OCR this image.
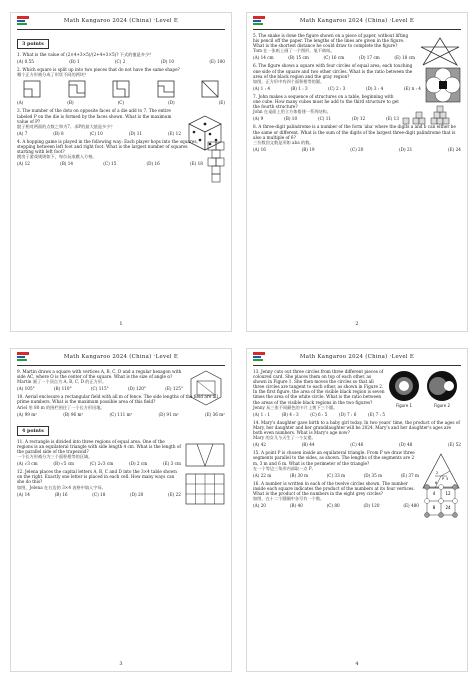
Math Kangaroo 2024 (China) ·Level E
3 points
1. What is the value of (2×4+3×5)/(2+4+3×5)? 下式的值是多少？
(A) 0.55	(B) 1	(C) 2	(D) 10	(E) 100
2. Which square is split up into two pieces that do not have the same shape?
哪个正方形被分成了形状不同的两块？
(A)	(B)	(C)	(D)	(E)
3. The number of the dots on opposite faces of a die add to 7. The entire labeled P on the die is formed by the faces shown. What is the maximum value of P?
骰子相对两面的点数之和为7。求P的最大值是多少？
(A) 7	(B) 8	(C) 10	(D) 11	(E) 12
4. A hopping game is played in the following way: Each player hops into the squares, stepping between left foot and right foot. What is the largest number of squares starting with left foot?
跳房子游戏规则如下，每位玩家跳入方格。
(A) 12	(B) 14	(C) 15	(D) 16	(E) 18
1
Math Kangaroo 2024 (China) ·Level E
5. The snake is done the figure shown on a piece of paper, without lifting his pencil off the paper. The lengths of the lines are given in the figure. What is the shortest distance he could draw to complete the figure?
Tom 在一张纸上画了一个图形，笔不离纸。
(A) 14 cm	(B) 15 cm	(C) 16 cm	(D) 17 cm	(E) 18 cm
6. The figure shows a square with four circles of equal area, each touching one side of the square and two other circles. What is the ratio between the area of the black region and the gray region?
如图，正方形中有四个面积相等的圆。
(A) 1 : 4	(B) 1 : 3	(C) 2 : 3	(D) 3 : 4	(E) π : 4
7. John makes a sequence of structures on a table, beginning with one cube. How many cubes must he add to the third structure to get the fourth structure?
John 在桌面上用立方体搭建一系列结构。
(A) 9	(B) 10	(C) 11	(D) 12	(E) 13
8. A three-digit palindrome is a number of the form 'aba' where the digits a and b can either be the same or different. What is the sum of the digits of the largest three-digit palindrome that is also a multiple of 6?
三位数回文数是形如 aba 的数。
(A) 16	(B) 19	(C) 20	(D) 21	(E) 24
2
Math Kangaroo 2024 (China) ·Level E
9. Martin draws a square with vertices A, B, C, D and a regular hexagon with side AC, where O is the center of the square. What is the size of angle α?
Martin 画了一个顶点为 A, B, C, D 的正方形。
(A) 105°	(B) 110°	(C) 115°	(D) 120°	(E) 125°
10. Aerial enclosure a rectangular field with all m of fence. The side lengths of the field are all prime numbers. What is the maximum possible area of this field?
Ariel 用 80 m 的围栏围住了一个长方形田地。
(A) 99 m²	(B) 96 m²	(C) 111 m²	(D) 91 m²	(E) 36 m²
4 points
11. A rectangle is divided into three regions of equal area. One of the regions is an equilateral triangle with side length 4 cm. What is the length of the parallel side of the trapezoid?
一个长方形被分为三个面积相等的区域。
(A) √3 cm	(B) √5 cm	(C) 2√3 cm	(D) 2 cm	(E) 3 cm
12. Jelena places the capital letters A, B, C and D into the 3×4 table shown on the right. Exactly one letter is placed in each cell. How many ways can she do this?
如图，Jelena 在右边的 3×4 表格中填入字母。
(A) 14	(B) 16	(C) 18	(D) 20	(E) 22
3
Math Kangaroo 2024 (China) ·Level E
13. Jenny cuts out three circles from three different pieces of coloured card. She places them on top of each other, as shown in Figure 1. She then moves the circles so that all three circles are tangent to each other, as shown in Figure 2. In the first figure, the area of the visible black region is seven times the area of the white circle. What is the ratio between the areas of the visible black regions in the two figures?
Jenny 从三张不同颜色的卡片上剪下三个圆。	Figure 1	Figure 2
(A) 1 : 1	(B) 4 : 3	(C) 6 : 5	(D) 7 : 6	(E) 7 : 5
14. Mary's daughter gave birth to a baby girl today. In two years' time, the product of the ages of Mary, her daughter and her granddaughter will be 2024. Mary's and her daughter's ages are both even numbers. What is Mary's age now?
Mary 的女儿今天生了一个女婴。
(A) 42	(B) 44	(C) 46	(D) 48	(E) 52
15. A point P is chosen inside an equilateral triangle. From P we draw three segments parallel to the sides, as shown. The lengths of the segments are 2 m, 3 m and 6 m. What is the perimeter of the triangle?
在一个等边三角形内部取一点 P。
2
3
6
P
(A) 22 m	(B) 30 m	(C) 33 m	(D) 35 m	(E) 37 m
16. A number is written in each of the twelve circles shown. The number inside each square indicates the product of the numbers at its four vertices. What is the product of the numbers in the eight grey circles?
如图，在十二个圆圈中各写有一个数。
4	12
8	24
(A) 20	(B) 40	(C) 80	(D) 120	(E) 480
4
